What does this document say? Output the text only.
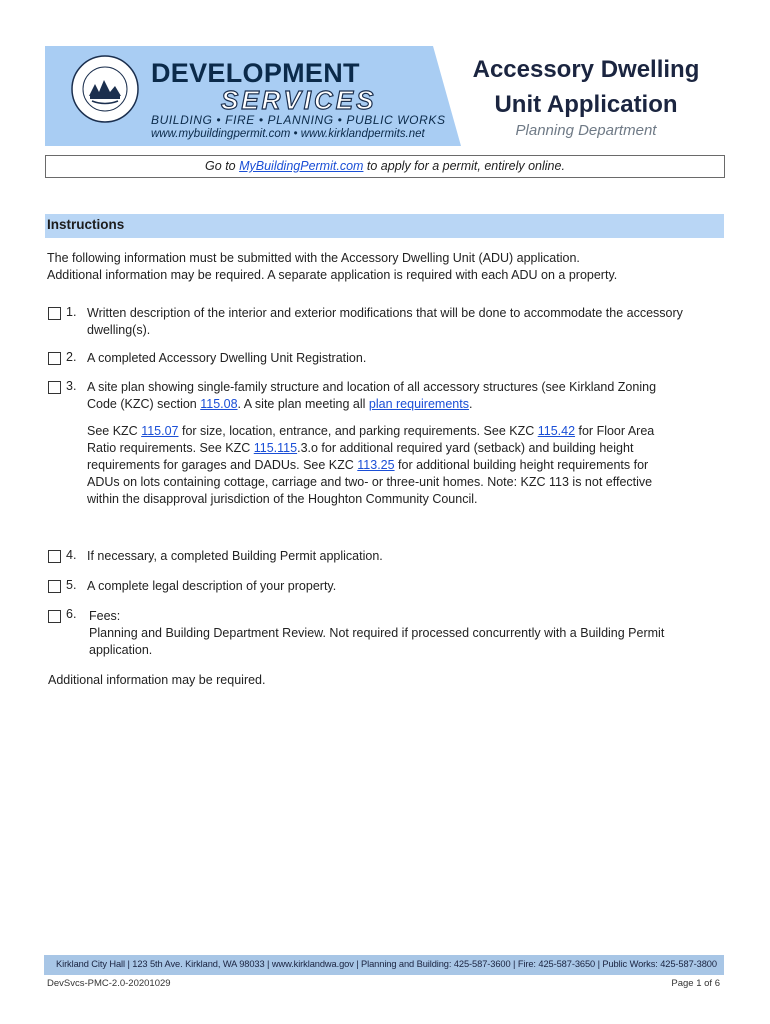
DEVELOPMENT
SERVICES
BUILDING • FIRE • PLANNING • PUBLIC WORKS
www.mybuildingpermit.com • www.kirklandpermits.net
Accessory Dwelling
Unit Application
Planning Department
Go to MyBuildingPermit.com to apply for a permit, entirely online.
Instructions
The following information must be submitted with the Accessory Dwelling Unit (ADU) application.
Additional information may be required. A separate application is required with each ADU on a property.
1. Written description of the interior and exterior modifications that will be done to accommodate the accessory
dwelling(s).
2. A completed Accessory Dwelling Unit Registration.
3. A site plan showing single-family structure and location of all accessory structures (see Kirkland Zoning
Code (KZC) section 115.08. A site plan meeting all plan requirements.
See KZC 115.07 for size, location, entrance, and parking requirements. See KZC 115.42 for Floor Area
Ratio requirements. See KZC 115.115.3.o for additional required yard (setback) and building height
requirements for garages and DADUs. See KZC 113.25 for additional building height requirements for
ADUs on lots containing cottage, carriage and two- or three-unit homes. Note: KZC 113 is not effective
within the disapproval jurisdiction of the Houghton Community Council.
4. If necessary, a completed Building Permit application.
5. A complete legal description of your property.
6. Fees:
Planning and Building Department Review. Not required if processed concurrently with a Building Permit
application.
Additional information may be required.
Kirkland City Hall | 123 5th Ave. Kirkland, WA 98033 | www.kirklandwa.gov | Planning and Building: 425-587-3600 | Fire: 425-587-3650 | Public Works: 425-587-3800
DevSvcs-PMC-2.0-20201029	Page 1 of 6
